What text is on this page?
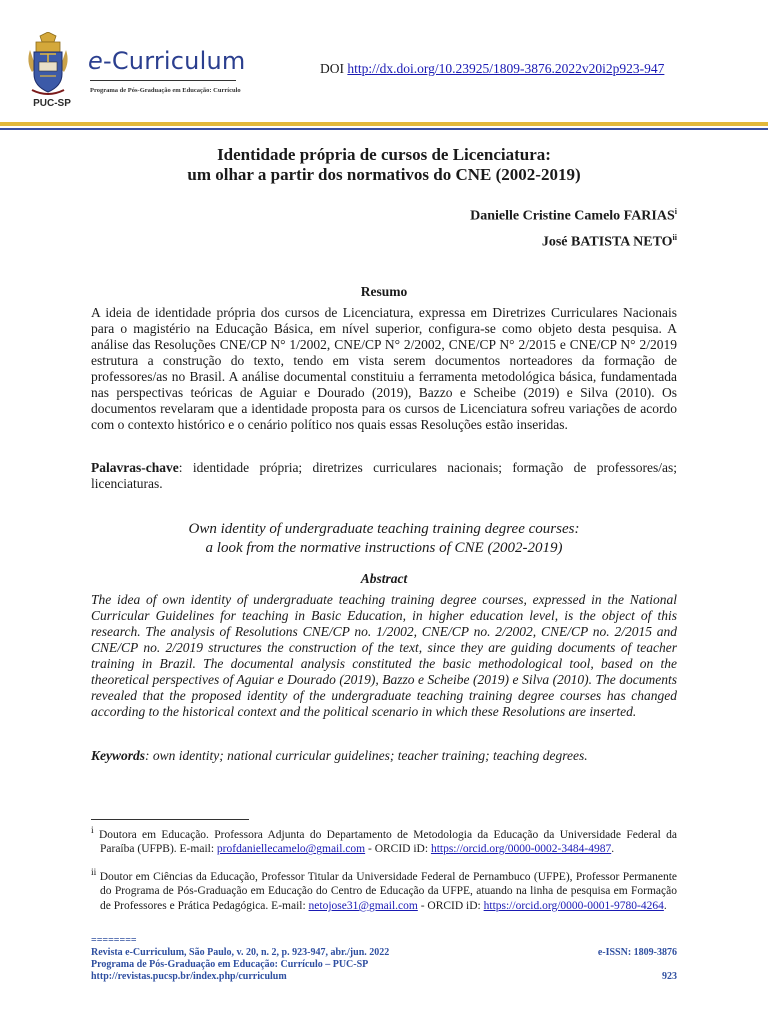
PUC-SP
e-Curriculum
Programa de Pós-Graduação em Educação: Currículo
DOI http://dx.doi.org/10.23925/1809-3876.2022v20i2p923-947
Identidade própria de cursos de Licenciatura:
um olhar a partir dos normativos do CNE (2002-2019)
Danielle Cristine Camelo FARIAS$^i$
José BATISTA NETO$^{ii}$
Resumo
A ideia de identidade própria dos cursos de Licenciatura, expressa em Diretrizes Curriculares Nacionais para o magistério na Educação Básica, em nível superior, configura-se como objeto desta pesquisa. A análise das Resoluções CNE/CP N° 1/2002, CNE/CP N° 2/2002, CNE/CP N° 2/2015 e CNE/CP N° 2/2019 estrutura a construção do texto, tendo em vista serem documentos norteadores da formação de professores/as no Brasil. A análise documental constituiu a ferramenta metodológica básica, fundamentada nas perspectivas teóricas de Aguiar e Dourado (2019), Bazzo e Scheibe (2019) e Silva (2010). Os documentos revelaram que a identidade proposta para os cursos de Licenciatura sofreu variações de acordo com o contexto histórico e o cenário político nos quais essas Resoluções estão inseridas.
Palavras-chave: identidade própria; diretrizes curriculares nacionais; formação de professores/as; licenciaturas.
Own identity of undergraduate teaching training degree courses:
a look from the normative instructions of CNE (2002-2019)
Abstract
The idea of own identity of undergraduate teaching training degree courses, expressed in the National Curricular Guidelines for teaching in Basic Education, in higher education level, is the object of this research. The analysis of Resolutions CNE/CP no. 1/2002, CNE/CP no. 2/2002, CNE/CP no. 2/2015 and CNE/CP no. 2/2019 structures the construction of the text, since they are guiding documents of teacher training in Brazil. The documental analysis constituted the basic methodological tool, based on the theoretical perspectives of Aguiar e Dourado (2019), Bazzo e Scheibe (2019) e Silva (2010). The documents revealed that the proposed identity of the undergraduate teaching training degree courses has changed according to the historical context and the political scenario in which these Resolutions are inserted.
Keywords: own identity; national curricular guidelines; teacher training; teaching degrees.
$^i$ Doutora em Educação. Professora Adjunta do Departamento de Metodologia da Educação da Universidade Federal da Paraíba (UFPB). E-mail: profdaniellecamelo@gmail.com - ORCID iD: https://orcid.org/0000-0002-3484-4987.
$^{ii}$ Doutor em Ciências da Educação, Professor Titular da Universidade Federal de Pernambuco (UFPE), Professor Permanente do Programa de Pós-Graduação em Educação do Centro de Educação da UFPE, atuando na linha de pesquisa em Formação de Professores e Prática Pedagógica. E-mail: netojose31@gmail.com - ORCID iD: https://orcid.org/0000-0001-9780-4264.
========
Revista e-Curriculum, São Paulo, v. 20, n. 2, p. 923-947, abr./jun. 2022	e-ISSN: 1809-3876
Programa de Pós-Graduação em Educação: Currículo – PUC-SP
http://revistas.pucsp.br/index.php/curriculum	923
